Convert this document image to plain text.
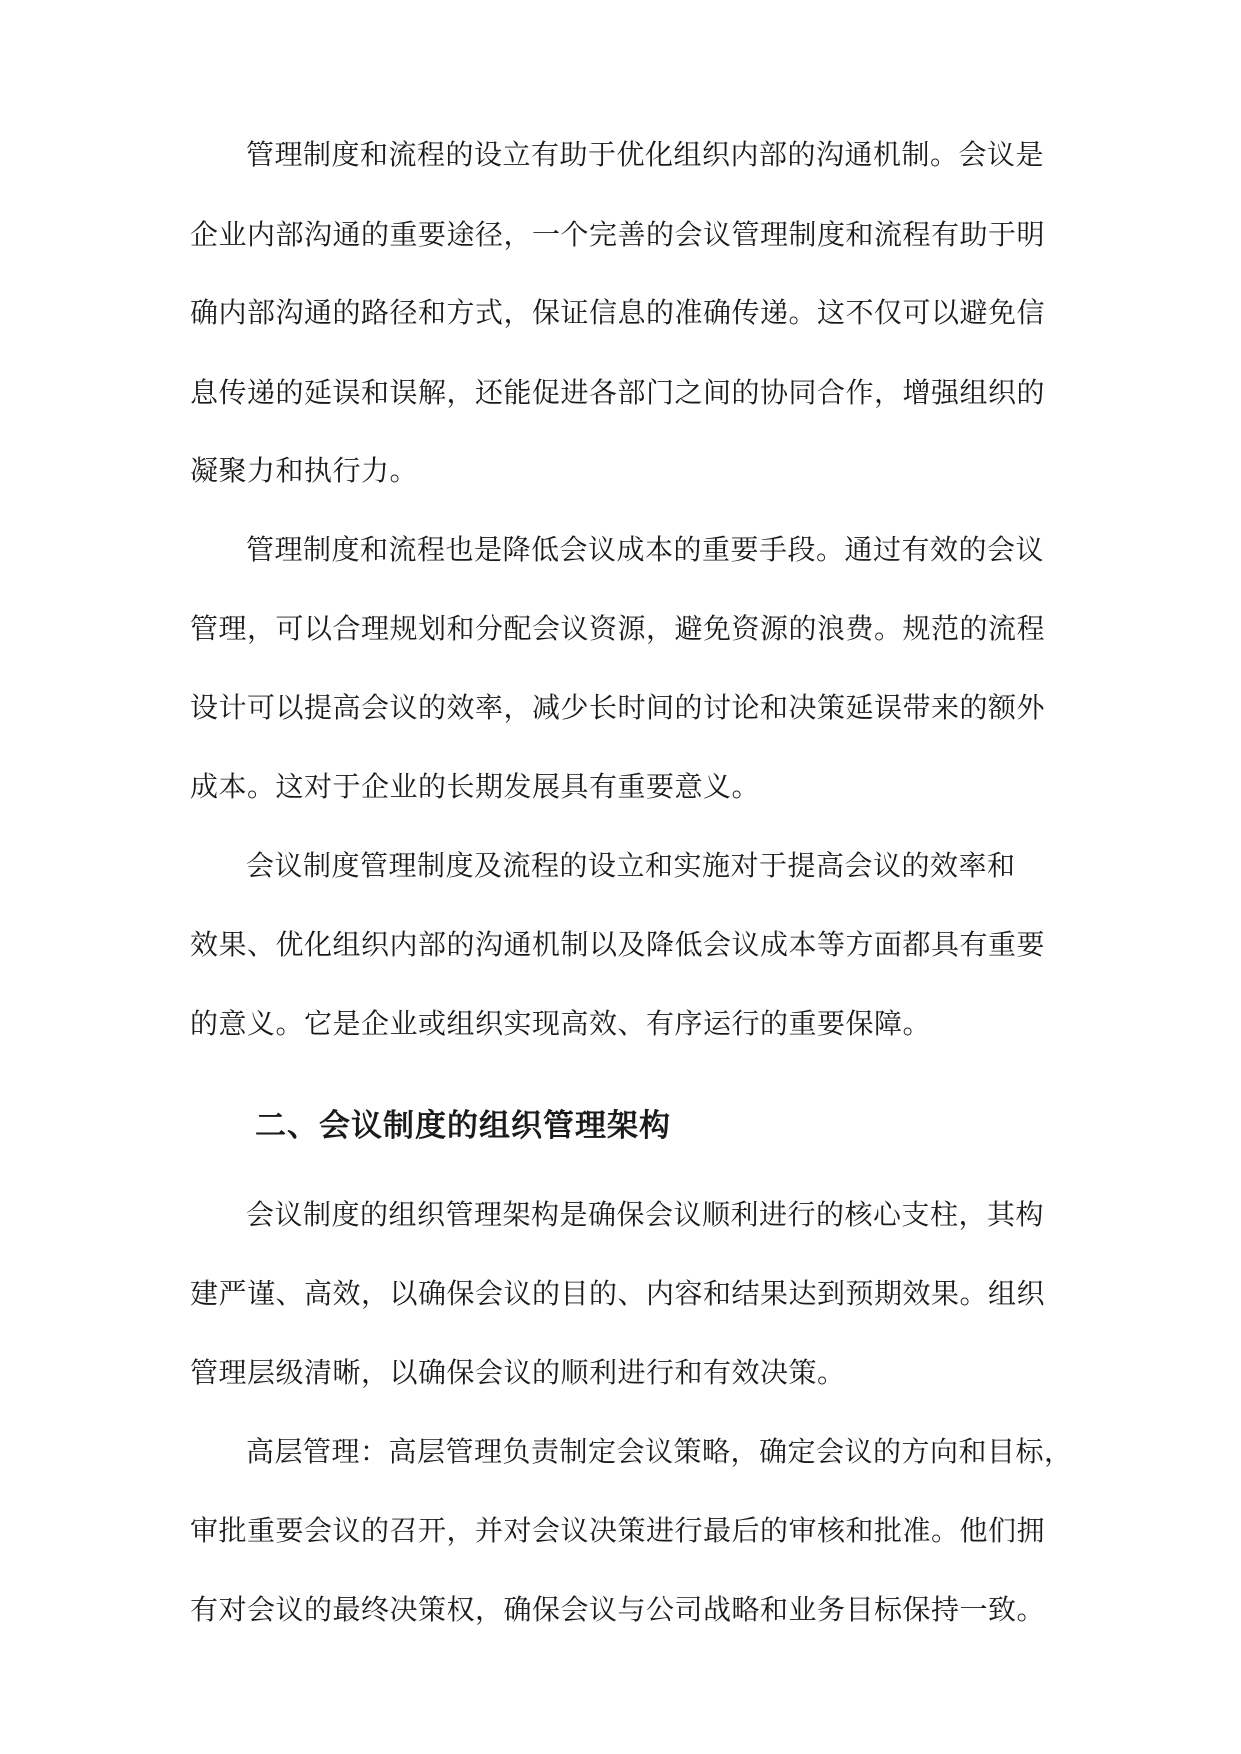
管理制度和流程的设立有助于优化组织内部的沟通机制。会议是

企业内部沟通的重要途径，一个完善的会议管理制度和流程有助于明

确内部沟通的路径和方式，保证信息的准确传递。这不仅可以避免信

息传递的延误和误解，还能促进各部门之间的协同合作，增强组织的

凝聚力和执行力。

管理制度和流程也是降低会议成本的重要手段。通过有效的会议

管理，可以合理规划和分配会议资源，避免资源的浪费。规范的流程

设计可以提高会议的效率，减少长时间的讨论和决策延误带来的额外

成本。这对于企业的长期发展具有重要意义。

会议制度管理制度及流程的设立和实施对于提高会议的效率和

效果、优化组织内部的沟通机制以及降低会议成本等方面都具有重要

的意义。它是企业或组织实现高效、有序运行的重要保障。

二、会议制度的组织管理架构

会议制度的组织管理架构是确保会议顺利进行的核心支柱，其构

建严谨、高效，以确保会议的目的、内容和结果达到预期效果。组织

管理层级清晰，以确保会议的顺利进行和有效决策。

高层管理：高层管理负责制定会议策略，确定会议的方向和目标，

审批重要会议的召开，并对会议决策进行最后的审核和批准。他们拥

有对会议的最终决策权，确保会议与公司战略和业务目标保持一致。
